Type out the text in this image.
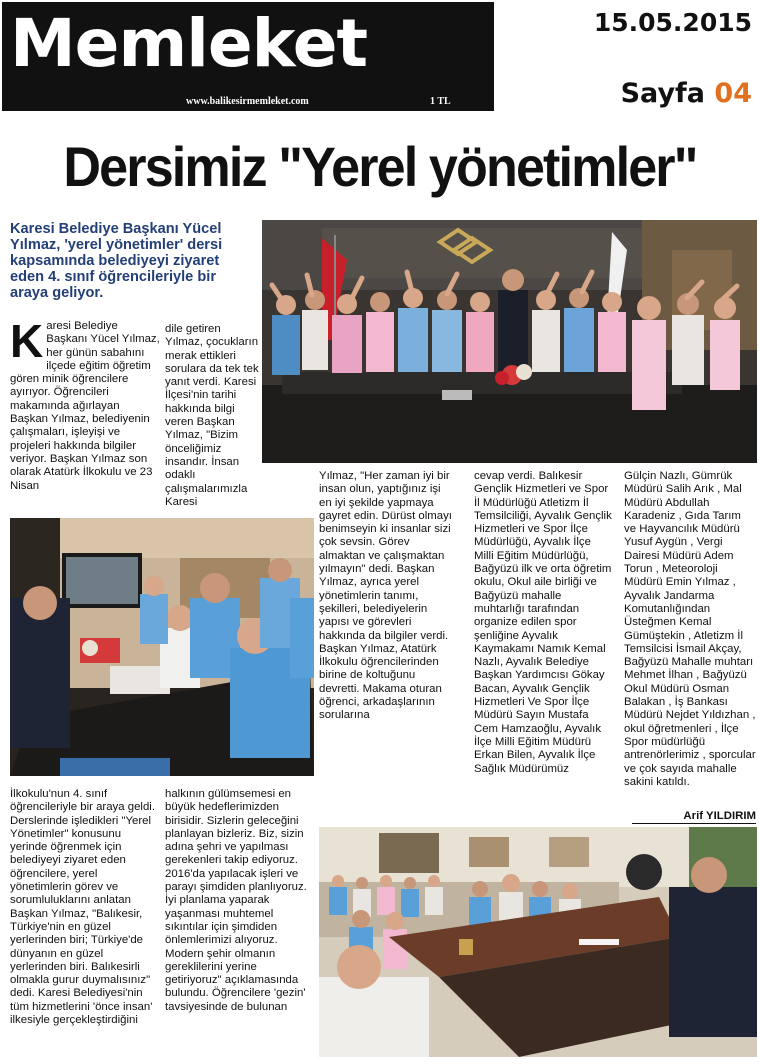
Memleket
www.balikesirmemleket.com	1 TL
15.05.2015
Sayfa 04
Dersimiz "Yerel yönetimler"
Karesi Belediye Başkanı Yücel Yılmaz, 'yerel yönetimler' dersi kapsamında belediyeyi ziyaret eden 4. sınıf öğrencileriyle bir araya geliyor.
Karesi Belediye Başkanı Yücel Yılmaz, her günün sabahını ilçede eğitim öğretim gören minik öğrencilere ayırıyor. Öğrencileri makamında ağırlayan Başkan Yılmaz, belediyenin çalışmaları, işleyişi ve projeleri hakkında bilgiler veriyor. Başkan Yılmaz son olarak Atatürk İlkokulu ve 23 Nisan
dile getiren Yılmaz, çocukların merak ettikleri sorulara da tek tek yanıt verdi. Karesi İlçesi'nin tarihi hakkında bilgi veren Başkan Yılmaz, "Bizim önceliğimiz insandır. İnsan odaklı çalışmalarımızla Karesi
Yılmaz, "Her zaman iyi bir insan olun, yaptığınız işi en iyi şekilde yapmaya gayret edin. Dürüst olmayı benimseyin ki insanlar sizi çok sevsin. Görev almaktan ve çalışmaktan yılmayın" dedi. Başkan Yılmaz, ayrıca yerel yönetimlerin tanımı, şekilleri, belediyelerin yapısı ve görevleri hakkında da bilgiler verdi. Başkan Yılmaz, Atatürk İlkokulu öğrencilerinden birine de koltuğunu devretti. Makama oturan öğrenci, arkadaşlarının sorularına
cevap verdi. Balıkesir Gençlik Hizmetleri ve Spor İl Müdürlüğü Atletizm İl Temsilciliği, Ayvalık Gençlik Hizmetleri ve Spor İlçe Müdürlüğü, Ayvalık İlçe Milli Eğitim Müdürlüğü, Bağyüzü ilk ve orta öğretim okulu, Okul aile birliği ve Bağyüzü mahalle muhtarlığı tarafından organize edilen spor şenliğine Ayvalık Kaymakamı Namık Kemal Nazlı, Ayvalık Belediye Başkan Yardımcısı Gökay Bacan, Ayvalık Gençlik Hizmetleri Ve Spor İlçe Müdürü Sayın Mustafa Cem Hamzaoğlu, Ayvalık İlçe Milli Eğitim Müdürü Erkan Bilen, Ayvalık İlçe Sağlık Müdürümüz
Gülçin Nazlı, Gümrük Müdürü Salih Arık , Mal Müdürü Abdullah Karadeniz , Gıda Tarım ve Hayvancılık Müdürü Yusuf Aygün , Vergi Dairesi Müdürü Adem Torun , Meteoroloji Müdürü Emin Yılmaz , Ayvalık Jandarma Komutanlığından Üsteğmen Kemal Gümüştekin , Atletizm İl Temsilcisi İsmail Akçay, Bağyüzü Mahalle muhtarı Mehmet İlhan , Bağyüzü Okul Müdürü Osman Balakan , İş Bankası Müdürü Nejdet Yıldızhan , okul öğretmenleri , İlçe Spor müdürlüğü antrenörlerimiz , sporcular ve çok sayıda mahalle sakini katıldı.
İlkokulu'nun 4. sınıf öğrencileriyle bir araya geldi. Derslerinde işledikleri "Yerel Yönetimler" konusunu yerinde öğrenmek için belediyeyi ziyaret eden öğrencilere, yerel yönetimlerin görev ve sorumluluklarını anlatan Başkan Yılmaz, "Balıkesir, Türkiye'nin en güzel yerlerinden biri; Türkiye'de dünyanın en güzel yerlerinden biri. Balıkesirli olmakla gurur duymalısınız" dedi. Karesi Belediyesi'nin tüm hizmetlerini 'önce insan' ilkesiyle gerçekleştirdiğini
halkının gülümsemesi en büyük hedeflerimizden birisidir. Sizlerin geleceğini planlayan bizleriz. Biz, sizin adına şehri ve yapılması gerekenleri takip ediyoruz. 2016'da yapılacak işleri ve parayı şimdiden planlıyoruz. İyi planlama yaparak yaşanması muhtemel sıkıntılar için şimdiden önlemlerimizi alıyoruz. Modern şehir olmanın gereklilerini yerine getiriyoruz" açıklamasında bulundu. Öğrencilere 'gezin' tavsiyesinde de bulunan
Arif YILDIRIM
